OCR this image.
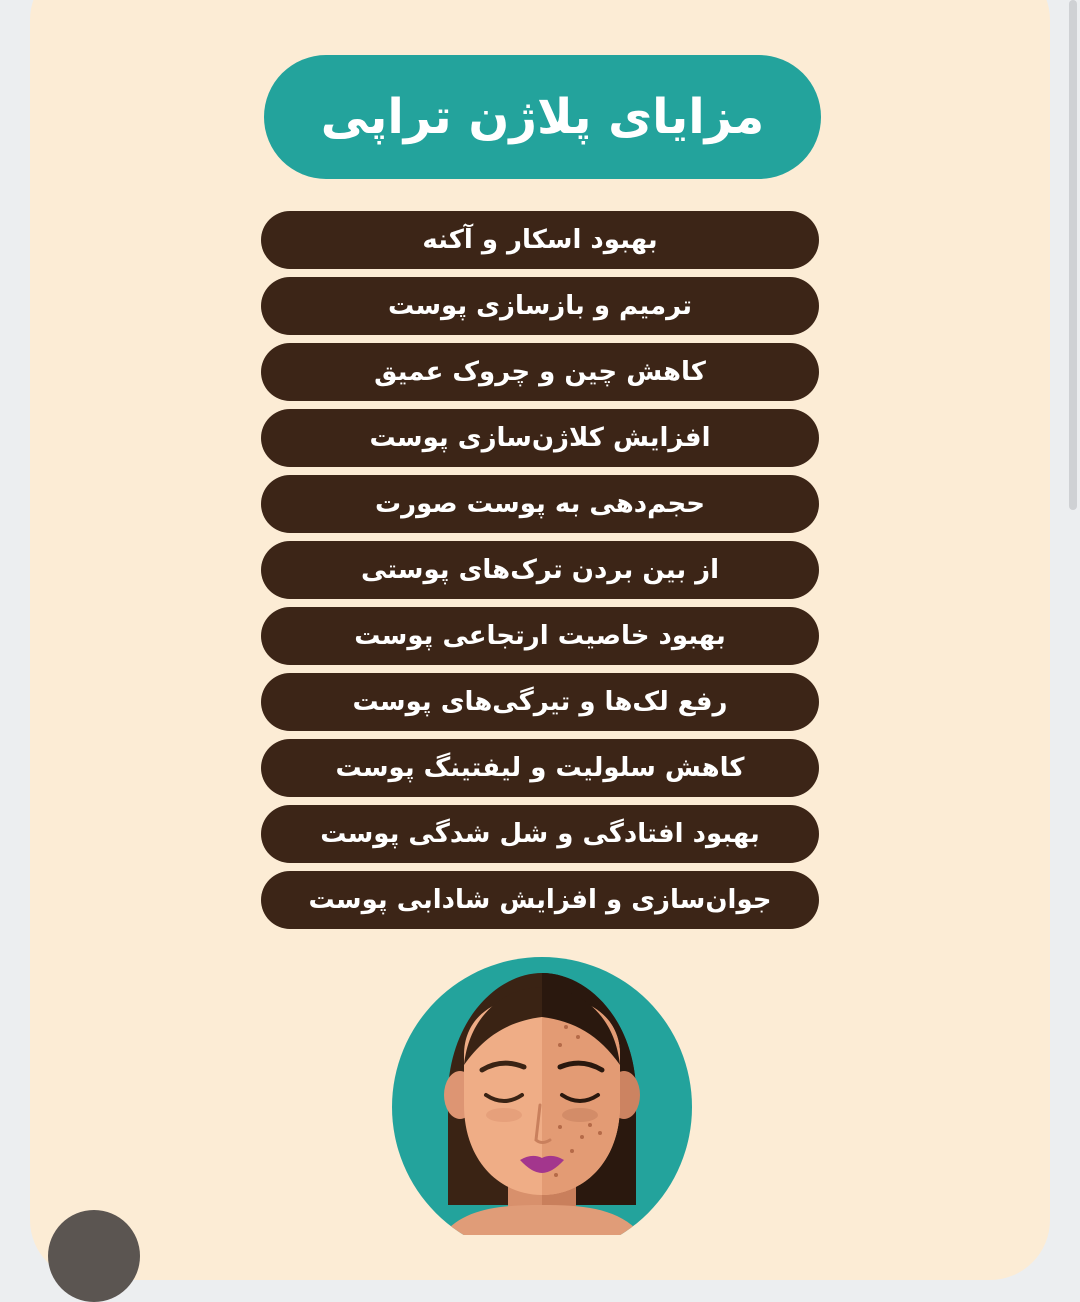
مزایای پلاژن تراپی
بهبود اسکار و آکنه
ترمیم و بازسازی پوست
کاهش چین و چروک عمیق
افزایش کلاژن‌سازی پوست
حجم‌دهی به پوست صورت
از بین بردن ترک‌های پوستی
بهبود خاصیت ارتجاعی پوست
رفع لک‌ها و تیرگی‌های پوست
کاهش سلولیت و لیفتینگ پوست
بهبود افتادگی و شل شدگی پوست
جوان‌سازی و افزایش شادابی پوست
